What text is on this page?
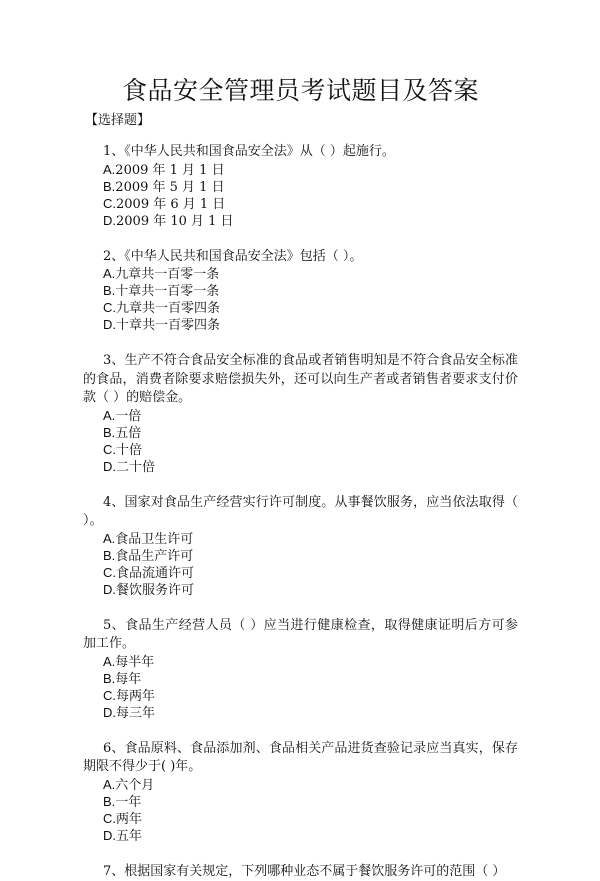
食品安全管理员考试题目及答案
【选择题】
1、《中华人民共和国食品安全法》从（ ）起施行。
A.2009 年 1 月 1 日
B.2009 年 5 月 1 日
C.2009 年 6 月 1 日
D.2009 年 10 月 1 日
2、《中华人民共和国食品安全法》包括（ ）。
A.九章共一百零一条
B.十章共一百零一条
C.九章共一百零四条
D.十章共一百零四条
3、生产不符合食品安全标准的食品或者销售明知是不符合食品安全标准的食品，消费者除要求赔偿损失外，还可以向生产者或者销售者要求支付价款（ ）的赔偿金。
A.一倍
B.五倍
C.十倍
D.二十倍
4、国家对食品生产经营实行许可制度。从事餐饮服务，应当依法取得（ ）。
A.食品卫生许可
B.食品生产许可
C.食品流通许可
D.餐饮服务许可
5、食品生产经营人员（ ）应当进行健康检查，取得健康证明后方可参加工作。
A.每半年
B.每年
C.每两年
D.每三年
6、食品原料、食品添加剂、食品相关产品进货查验记录应当真实，保存期限不得少于( )年。
A.六个月
B.一年
C.两年
D.五年
7、根据国家有关规定，下列哪种业态不属于餐饮服务许可的范围（ ）
